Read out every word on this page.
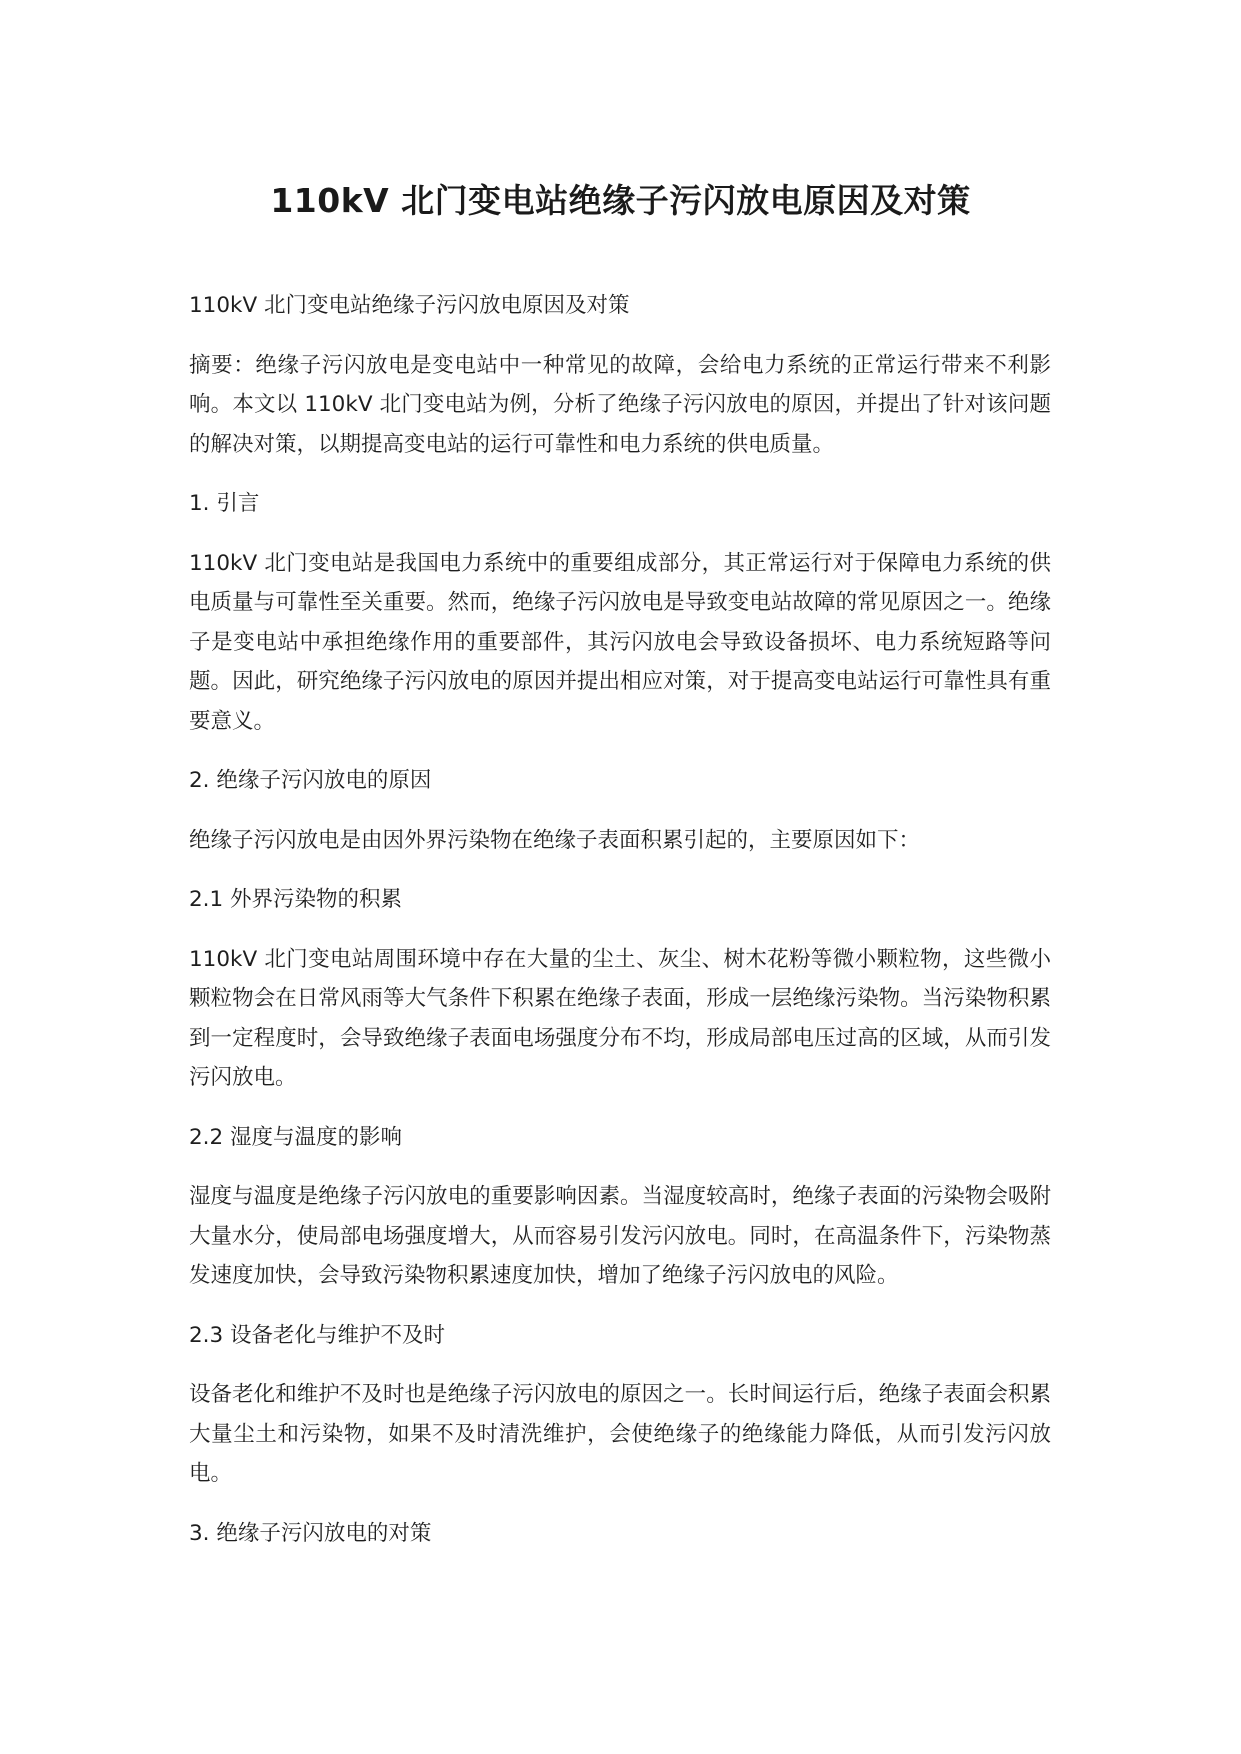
110kV 北门变电站绝缘子污闪放电原因及对策

110kV 北门变电站绝缘子污闪放电原因及对策

摘要：绝缘子污闪放电是变电站中一种常见的故障，会给电力系统的正常运行带来不利影响。本文以 110kV 北门变电站为例，分析了绝缘子污闪放电的原因，并提出了针对该问题的解决对策，以期提高变电站的运行可靠性和电力系统的供电质量。

1. 引言

110kV 北门变电站是我国电力系统中的重要组成部分，其正常运行对于保障电力系统的供电质量与可靠性至关重要。然而，绝缘子污闪放电是导致变电站故障的常见原因之一。绝缘子是变电站中承担绝缘作用的重要部件，其污闪放电会导致设备损坏、电力系统短路等问题。因此，研究绝缘子污闪放电的原因并提出相应对策，对于提高变电站运行可靠性具有重要意义。

2. 绝缘子污闪放电的原因

绝缘子污闪放电是由因外界污染物在绝缘子表面积累引起的，主要原因如下：

2.1 外界污染物的积累

110kV 北门变电站周围环境中存在大量的尘土、灰尘、树木花粉等微小颗粒物，这些微小颗粒物会在日常风雨等大气条件下积累在绝缘子表面，形成一层绝缘污染物。当污染物积累到一定程度时，会导致绝缘子表面电场强度分布不均，形成局部电压过高的区域，从而引发污闪放电。

2.2 湿度与温度的影响

湿度与温度是绝缘子污闪放电的重要影响因素。当湿度较高时，绝缘子表面的污染物会吸附大量水分，使局部电场强度增大，从而容易引发污闪放电。同时，在高温条件下，污染物蒸发速度加快，会导致污染物积累速度加快，增加了绝缘子污闪放电的风险。

2.3 设备老化与维护不及时

设备老化和维护不及时也是绝缘子污闪放电的原因之一。长时间运行后，绝缘子表面会积累大量尘土和污染物，如果不及时清洗维护，会使绝缘子的绝缘能力降低，从而引发污闪放电。

3. 绝缘子污闪放电的对策
